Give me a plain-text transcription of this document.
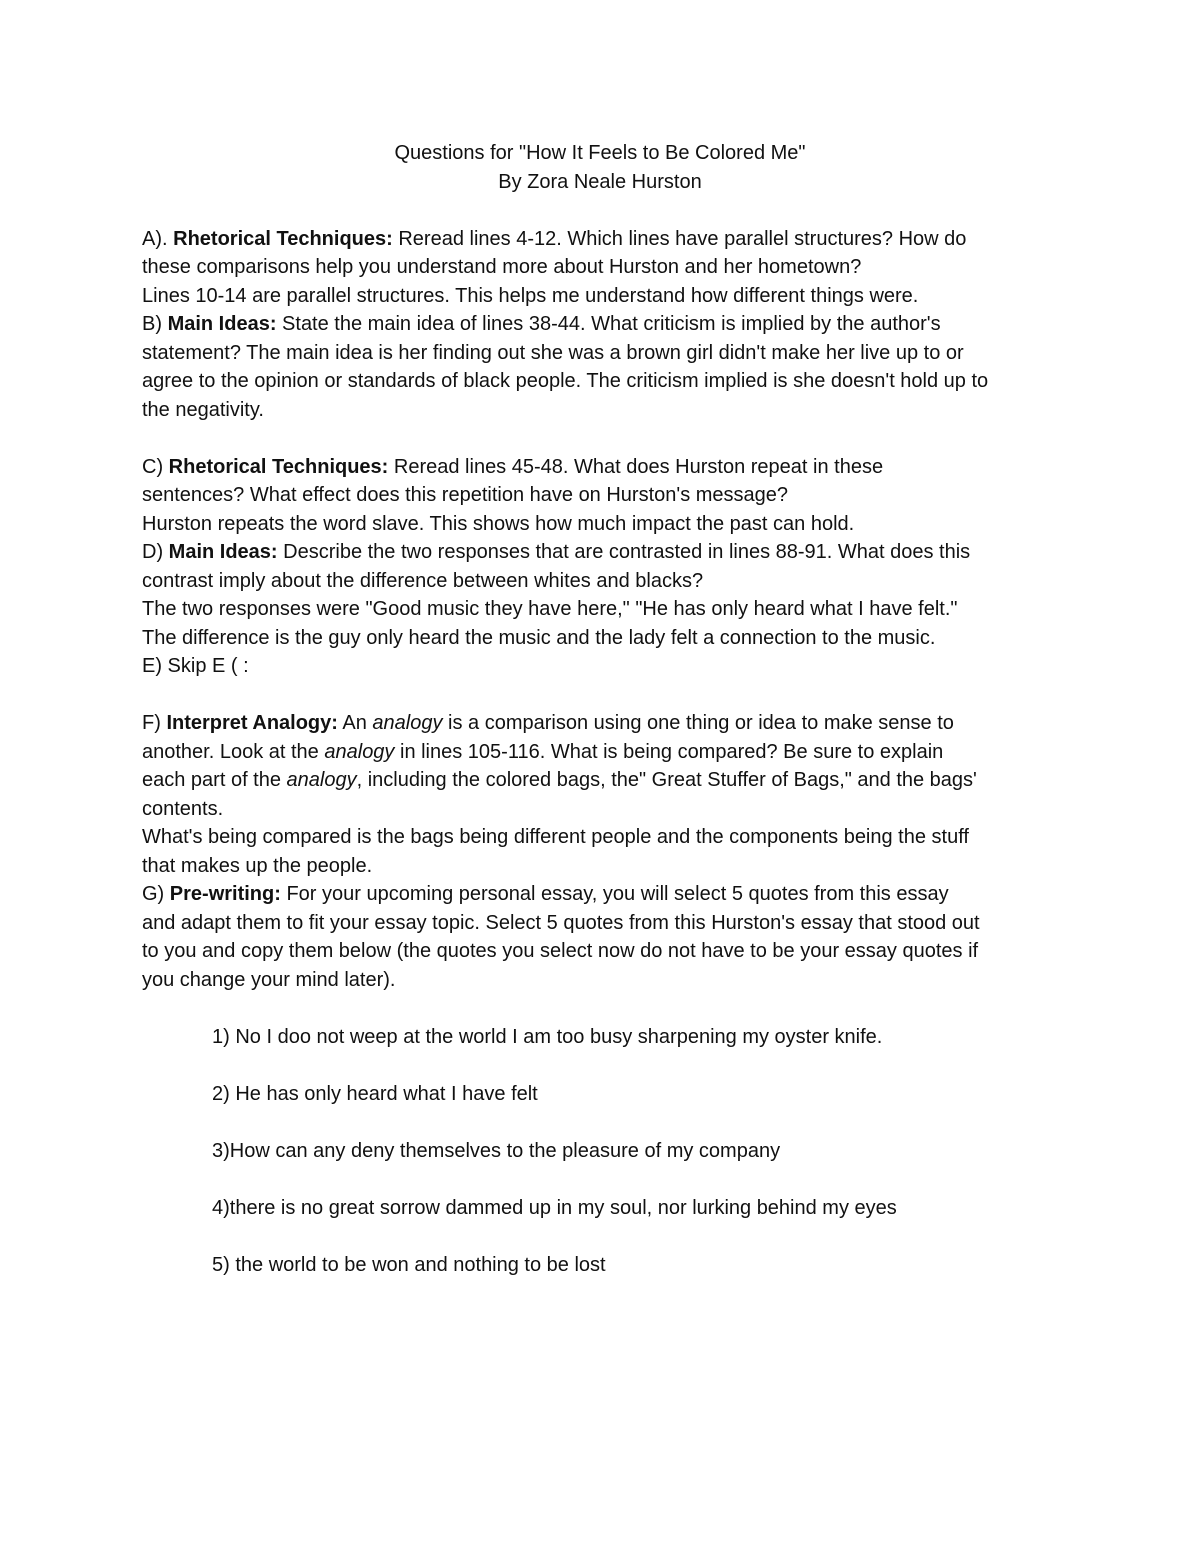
Questions for "How It Feels to Be Colored Me"
By Zora Neale Hurston
A). Rhetorical Techniques: Reread lines 4-12. Which lines have parallel structures? How do
these comparisons help you understand more about Hurston and her hometown?
Lines 10-14 are parallel structures. This helps me understand how different things were.
B) Main Ideas: State the main idea of lines 38-44. What criticism is implied by the author's
statement? The main idea is her finding out she was a brown girl didn't make her live up to or
agree to the opinion or standards of black people. The criticism implied is she doesn't hold up to
the negativity.
C) Rhetorical Techniques: Reread lines 45-48. What does Hurston repeat in these
sentences? What effect does this repetition have on Hurston's message?
Hurston repeats the word slave. This shows how much impact the past can hold.
D) Main Ideas: Describe the two responses that are contrasted in lines 88-91. What does this
contrast imply about the difference between whites and blacks?
The two responses were "Good music they have here," "He has only heard what I have felt."
The difference is the guy only heard the music and the lady felt a connection to the music.
E) Skip E ( :
F) Interpret Analogy: An analogy is a comparison using one thing or idea to make sense to
another. Look at the analogy in lines 105-116. What is being compared? Be sure to explain
each part of the analogy, including the colored bags, the" Great Stuffer of Bags," and the bags'
contents.
What's being compared is the bags being different people and the components being the stuff
that makes up the people.
G) Pre-writing: For your upcoming personal essay, you will select 5 quotes from this essay
and adapt them to fit your essay topic. Select 5 quotes from this Hurston's essay that stood out
to you and copy them below (the quotes you select now do not have to be your essay quotes if
you change your mind later).
1) No I doo not weep at the world I am too busy sharpening my oyster knife.
2) He has only heard what I have felt
3)How can any deny themselves to the pleasure of my company
4)there is no great sorrow dammed up in my soul, nor lurking behind my eyes
5) the world to be won and nothing to be lost
